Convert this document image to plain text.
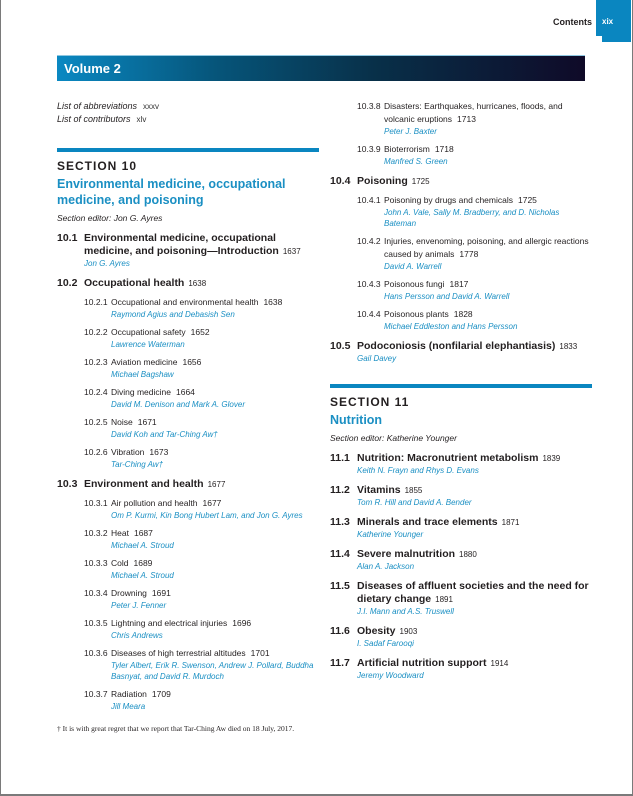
Contents xix
Volume 2
List of abbreviations xxxv
List of contributors xlv
SECTION 10
Environmental medicine, occupational medicine, and poisoning
Section editor: Jon G. Ayres
10.1 Environmental medicine, occupational medicine, and poisoning—Introduction 1637
Jon G. Ayres
10.2 Occupational health 1638
10.2.1 Occupational and environmental health 1638
Raymond Agius and Debasish Sen
10.2.2 Occupational safety 1652
Lawrence Waterman
10.2.3 Aviation medicine 1656
Michael Bagshaw
10.2.4 Diving medicine 1664
David M. Denison and Mark A. Glover
10.2.5 Noise 1671
David Koh and Tar-Ching Aw†
10.2.6 Vibration 1673
Tar-Ching Aw†
10.3 Environment and health 1677
10.3.1 Air pollution and health 1677
Om P. Kurmi, Kin Bong Hubert Lam, and Jon G. Ayres
10.3.2 Heat 1687
Michael A. Stroud
10.3.3 Cold 1689
Michael A. Stroud
10.3.4 Drowning 1691
Peter J. Fenner
10.3.5 Lightning and electrical injuries 1696
Chris Andrews
10.3.6 Diseases of high terrestrial altitudes 1701
Tyler Albert, Erik R. Swenson, Andrew J. Pollard, Buddha Basnyat, and David R. Murdoch
10.3.7 Radiation 1709
Jill Meara
10.3.8 Disasters: Earthquakes, hurricanes, floods, and volcanic eruptions 1713
Peter J. Baxter
10.3.9 Bioterrorism 1718
Manfred S. Green
10.4 Poisoning 1725
10.4.1 Poisoning by drugs and chemicals 1725
John A. Vale, Sally M. Bradberry, and D. Nicholas Bateman
10.4.2 Injuries, envenoming, poisoning, and allergic reactions caused by animals 1778
David A. Warrell
10.4.3 Poisonous fungi 1817
Hans Persson and David A. Warrell
10.4.4 Poisonous plants 1828
Michael Eddleston and Hans Persson
10.5 Podoconiosis (nonfilarial elephantiasis) 1833
Gail Davey
SECTION 11
Nutrition
Section editor: Katherine Younger
11.1 Nutrition: Macronutrient metabolism 1839
Keith N. Frayn and Rhys D. Evans
11.2 Vitamins 1855
Tom R. Hill and David A. Bender
11.3 Minerals and trace elements 1871
Katherine Younger
11.4 Severe malnutrition 1880
Alan A. Jackson
11.5 Diseases of affluent societies and the need for dietary change 1891
J.I. Mann and A.S. Truswell
11.6 Obesity 1903
I. Sadaf Farooqi
11.7 Artificial nutrition support 1914
Jeremy Woodward
† It is with great regret that we report that Tar-Ching Aw died on 18 July, 2017.
